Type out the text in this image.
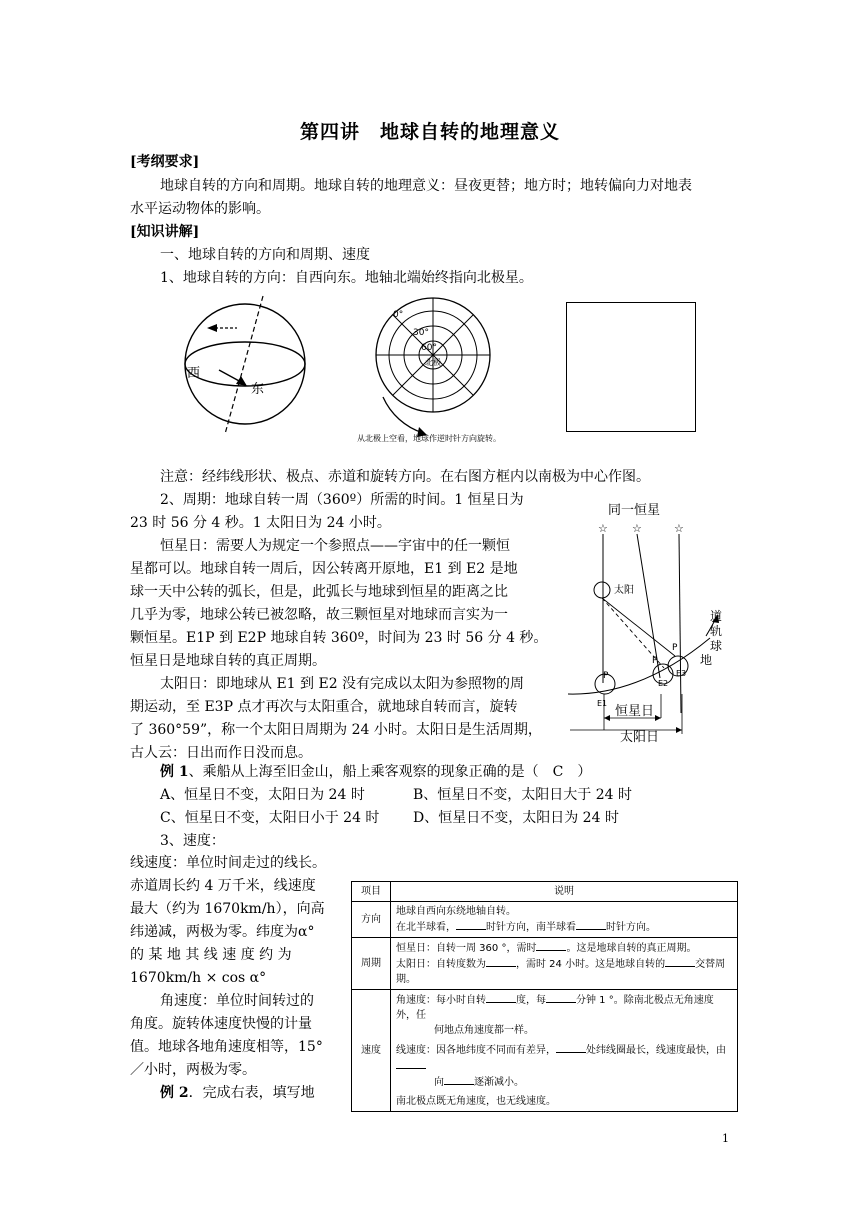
第四讲　地球自转的地理意义
[考纲要求]
地球自转的方向和周期。地球自转的地理意义：昼夜更替；地方时；地转偏向力对地表
水平运动物体的影响。
[知识讲解]
一、地球自转的方向和周期、速度
1、地球自转的方向：自西向东。地轴北端始终指向北极星。
西
东
0°
30°
60°
北极
从北极上空看，地球作逆时针方向旋转。
注意：经纬线形状、极点、赤道和旋转方向。在右图方框内以南极为中心作图。
2、周期：地球自转一周（360º）所需的时间。1 恒星日为
23 时 56 分 4 秒。1 太阳日为 24 小时。
恒星日：需要人为规定一个参照点——宇宙中的任一颗恒
星都可以。地球自转一周后，因公转离开原地，E1 到 E2 是地
球一天中公转的弧长，但是，此弧长与地球到恒星的距离之比
几乎为零，地球公转已被忽略，故三颗恒星对地球而言实为一
颗恒星。E1P 到 E2P 地球自转 360º，时间为 23 时 56 分 4 秒。
恒星日是地球自转的真正周期。
太阳日：即地球从 E1 到 E2 没有完成以太阳为参照物的周
期运动，至 E3P 点才再次与太阳重合，就地球自转而言，旋转
了 360°59”，称一个太阳日周期为 24 小时。太阳日是生活周期，
古人云：日出而作日没而息。
同一恒星
☆ ☆	☆
太阳
P
P
P
E1
E2
E3
道
轨
球
地
恒星日
太阳日
例 1、乘船从上海至旧金山，船上乘客观察的现象正确的是（　C　）
A、恒星日不变，太阳日为 24 时	B、恒星日不变，太阳日大于 24 时
C、恒星日不变，太阳日小于 24 时 D、恒星日不变，太阳日为 24 时
3、速度：
线速度：单位时间走过的线长。
赤道周长约 4 万千米，线速度
最大（约为 1670km/h），向高
纬递减，两极为零。纬度为α°
的 某 地 其 线 速 度 约 为
1670km/h × cos α°
角速度：单位时间转过的
角度。旋转体速度快慢的计量
值。地球各地角速度相等，15°
／小时，两极为零。
例 2．完成右表，填写地
项目	说明
方向	地球自西向东绕地轴自转。
在北半球看， 时针方向，南半球看 时针方向。

周期	恒星日：自转一周 360 °，需时 。这是地球自转的真正周期。
太阳日：自转度数为 ，需时 24 小时。这是地球自转的 交替周期。

速度	角速度：每小时自转 度，每 分钟 1 °。除南北极点无角速度外，任
何地点角速度都一样。
线速度：因各地纬度不同而有差异， 处纬线圈最长，线速度最快，由
向 逐渐减小。
南北极点既无角速度，也无线速度。
1
